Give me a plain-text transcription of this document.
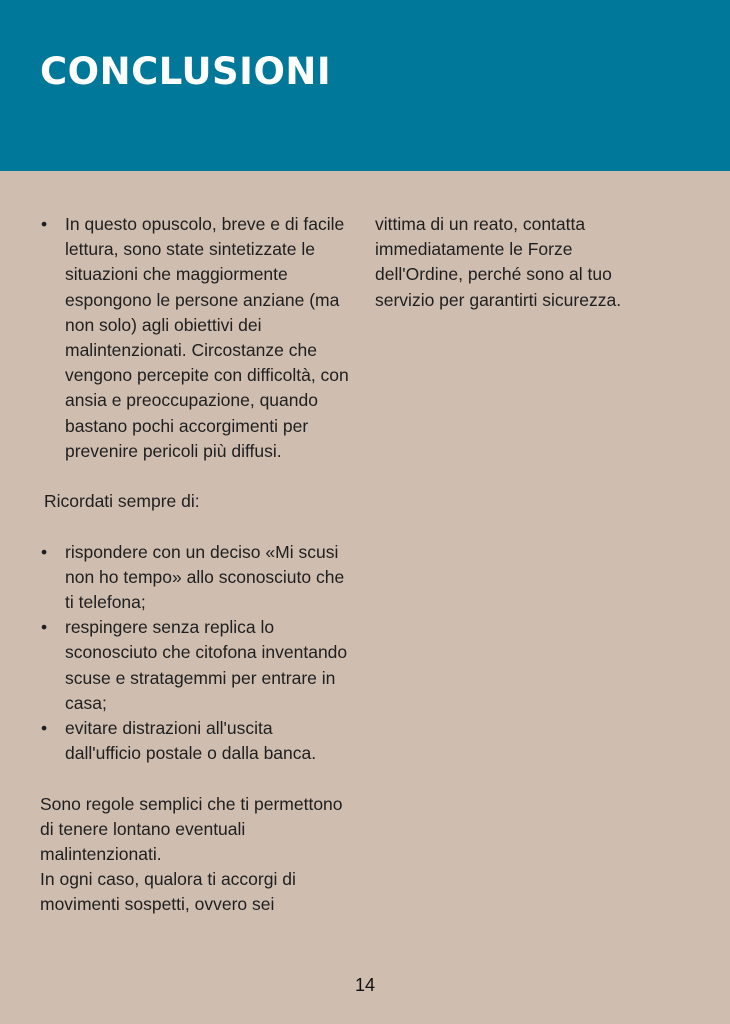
CONCLUSIONI
• In questo opuscolo, breve e di facile lettura, sono state sintetizzate le situazioni che maggiormente espongono le persone anziane (ma non solo) agli obiettivi dei malintenzionati. Circostanze che vengono percepite con difficoltà, con ansia e preoccupazione, quando bastano pochi accorgimenti per prevenire pericoli più diffusi.

Ricordati sempre di:

• rispondere con un deciso «Mi scusi non ho tempo» allo sconosciuto che ti telefona;
• respingere senza replica lo sconosciuto che citofona inventando scuse e stratagemmi per entrare in casa;
• evitare distrazioni all'uscita dall'ufficio postale o dalla banca.

Sono regole semplici che ti permettono di tenere lontano eventuali malintenzionati.

In ogni caso, qualora ti accorgi di movimenti sospetti, ovvero sei

vittima di un reato, contatta immediatamente le Forze dell'Ordine, perché sono al tuo servizio per garantirti sicurezza.

14
